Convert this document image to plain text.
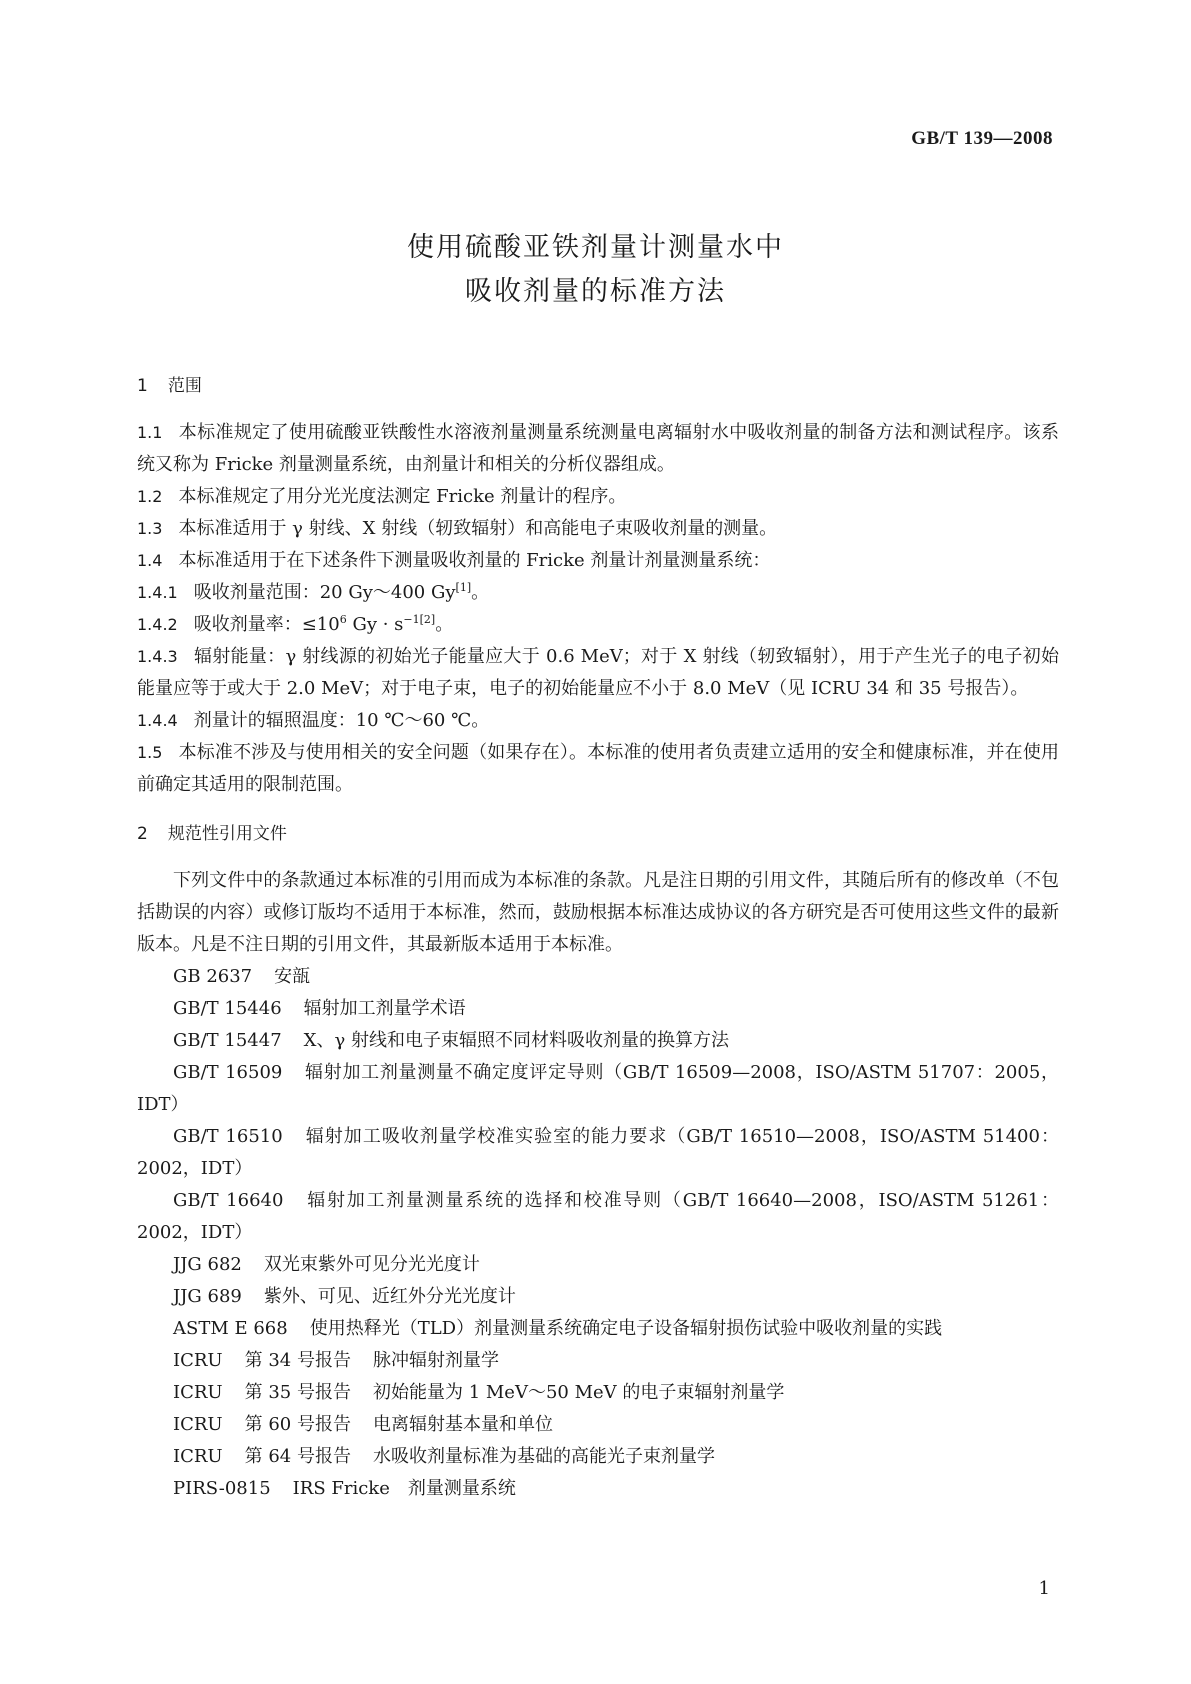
GB/T 139—2008
使用硫酸亚铁剂量计测量水中
吸收剂量的标准方法
1 范围

1.1 本标准规定了使用硫酸亚铁酸性水溶液剂量测量系统测量电离辐射水中吸收剂量的制备方法和测试程序。该系统又称为 Fricke 剂量测量系统，由剂量计和相关的分析仪器组成。

1.2 本标准规定了用分光光度法测定 Fricke 剂量计的程序。

1.3 本标准适用于 γ 射线、X 射线（轫致辐射）和高能电子束吸收剂量的测量。

1.4 本标准适用于在下述条件下测量吸收剂量的 Fricke 剂量计剂量测量系统：

1.4.1 吸收剂量范围：20 Gy～400 Gy[1]。

1.4.2 吸收剂量率：$\le 10^6$ $Gy \cdot s^{-1[2]}$。

1.4.3 辐射能量：γ 射线源的初始光子能量应大于 0.6 MeV；对于 X 射线（轫致辐射），用于产生光子的电子初始能量应等于或大于 2.0 MeV；对于电子束，电子的初始能量应不小于 8.0 MeV（见 ICRU 34 和 35 号报告）。

1.4.4 剂量计的辐照温度：10 ℃～60 ℃。

1.5 本标准不涉及与使用相关的安全问题（如果存在）。本标准的使用者负责建立适用的安全和健康标准，并在使用前确定其适用的限制范围。

2 规范性引用文件

下列文件中的条款通过本标准的引用而成为本标准的条款。凡是注日期的引用文件，其随后所有的修改单（不包括勘误的内容）或修订版均不适用于本标准，然而，鼓励根据本标准达成协议的各方研究是否可使用这些文件的最新版本。凡是不注日期的引用文件，其最新版本适用于本标准。

GB 2637 安瓿

GB/T 15446 辐射加工剂量学术语

GB/T 15447 X、γ 射线和电子束辐照不同材料吸收剂量的换算方法

GB/T 16509 辐射加工剂量测量不确定度评定导则（GB/T 16509—2008，ISO/ASTM 51707：2005，IDT）

GB/T 16510 辐射加工吸收剂量学校准实验室的能力要求（GB/T 16510—2008，ISO/ASTM 51400：2002，IDT）

GB/T 16640 辐射加工剂量测量系统的选择和校准导则（GB/T 16640—2008，ISO/ASTM 51261：2002，IDT）

JJG 682 双光束紫外可见分光光度计

JJG 689 紫外、可见、近红外分光光度计

ASTM E 668 使用热释光（TLD）剂量测量系统确定电子设备辐射损伤试验中吸收剂量的实践

ICRU 第 34 号报告 脉冲辐射剂量学

ICRU 第 35 号报告 初始能量为 1 MeV～50 MeV 的电子束辐射剂量学

ICRU 第 60 号报告 电离辐射基本量和单位

ICRU 第 64 号报告 水吸收剂量标准为基础的高能光子束剂量学

PIRS-0815 IRS Fricke　剂量测量系统

1
